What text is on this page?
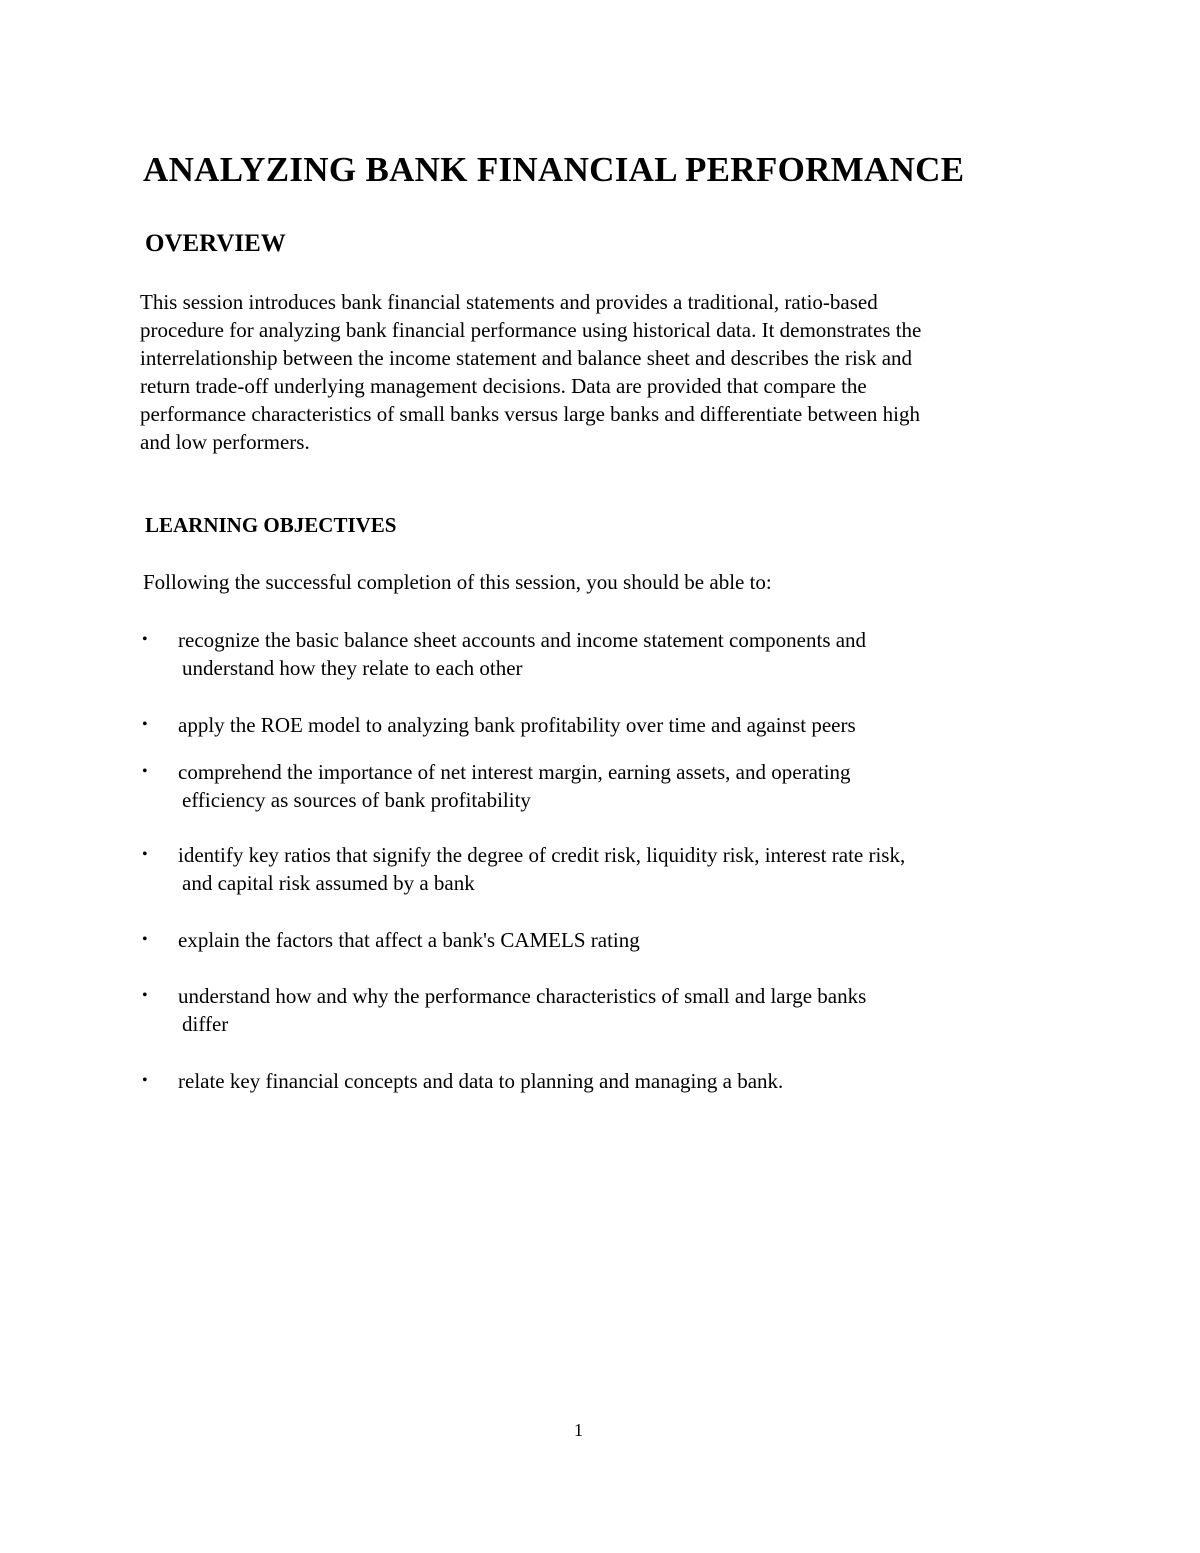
ANALYZING BANK FINANCIAL PERFORMANCE
OVERVIEW

This session introduces bank financial statements and provides a traditional, ratio-based
procedure for analyzing bank financial performance using historical data. It demonstrates the
interrelationship between the income statement and balance sheet and describes the risk and
return trade-off underlying management decisions. Data are provided that compare the
performance characteristics of small banks versus large banks and differentiate between high
and low performers.

LEARNING OBJECTIVES

Following the successful completion of this session, you should be able to:

• recognize the basic balance sheet accounts and income statement components and
understand how they relate to each other
• apply the ROE model to analyzing bank profitability over time and against peers
• comprehend the importance of net interest margin, earning assets, and operating
efficiency as sources of bank profitability
• identify key ratios that signify the degree of credit risk, liquidity risk, interest rate risk,
and capital risk assumed by a bank
• explain the factors that affect a bank's CAMELS rating
• understand how and why the performance characteristics of small and large banks
differ
• relate key financial concepts and data to planning and managing a bank.

1
